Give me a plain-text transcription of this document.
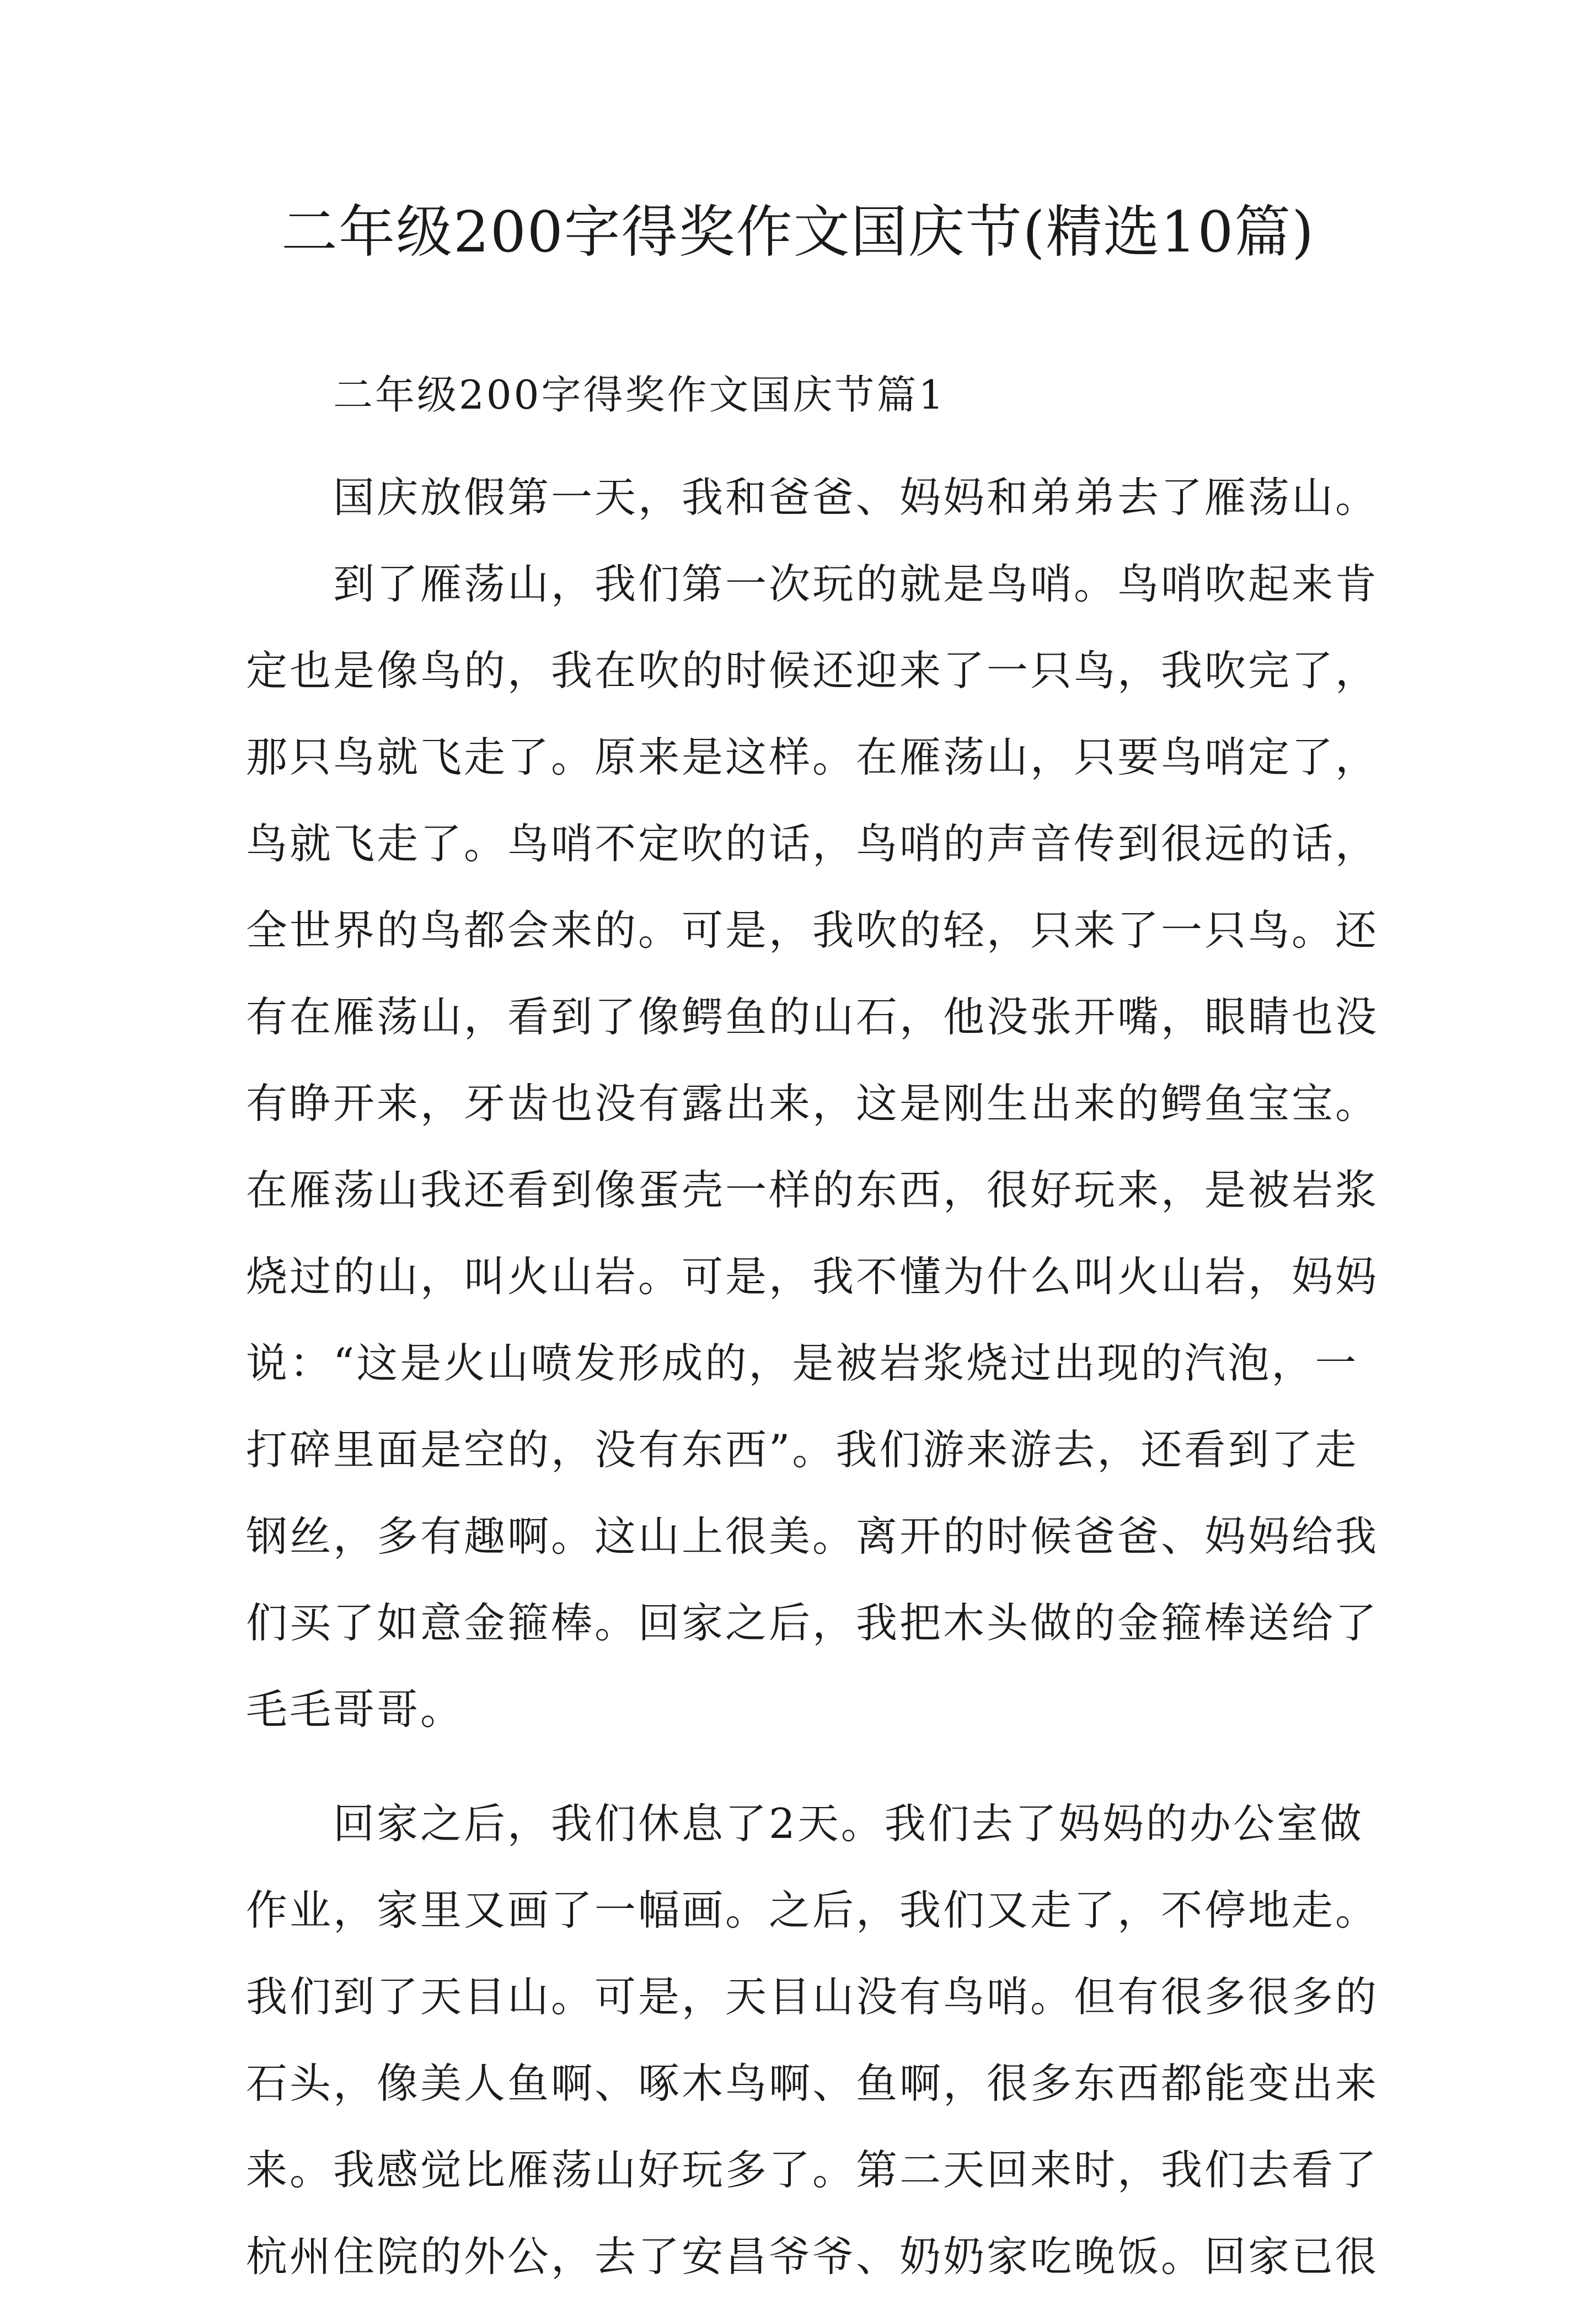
二年级200字得奖作文国庆节(精选10篇)

二年级200字得奖作文国庆节篇1

国庆放假第一天，我和爸爸、妈妈和弟弟去了雁荡山。

到了雁荡山，我们第一次玩的就是鸟哨。鸟哨吹起来肯
定也是像鸟的，我在吹的时候还迎来了一只鸟，我吹完了，
那只鸟就飞走了。原来是这样。在雁荡山，只要鸟哨定了，
鸟就飞走了。鸟哨不定吹的话，鸟哨的声音传到很远的话，
全世界的鸟都会来的。可是，我吹的轻，只来了一只鸟。还
有在雁荡山，看到了像鳄鱼的山石，他没张开嘴，眼睛也没
有睁开来，牙齿也没有露出来，这是刚生出来的鳄鱼宝宝。
在雁荡山我还看到像蛋壳一样的东西，很好玩来，是被岩浆
烧过的山，叫火山岩。可是，我不懂为什么叫火山岩，妈妈
说：“这是火山喷发形成的，是被岩浆烧过出现的汽泡，一
打碎里面是空的，没有东西”。我们游来游去，还看到了走
钢丝，多有趣啊。这山上很美。离开的时候爸爸、妈妈给我
们买了如意金箍棒。回家之后，我把木头做的金箍棒送给了
毛毛哥哥。

回家之后，我们休息了2天。我们去了妈妈的办公室做
作业，家里又画了一幅画。之后，我们又走了，不停地走。
我们到了天目山。可是，天目山没有鸟哨。但有很多很多的
石头，像美人鱼啊、啄木鸟啊、鱼啊，很多东西都能变出来
来。我感觉比雁荡山好玩多了。第二天回来时，我们去看了
杭州住院的外公，去了安昌爷爷、奶奶家吃晚饭。回家已很
